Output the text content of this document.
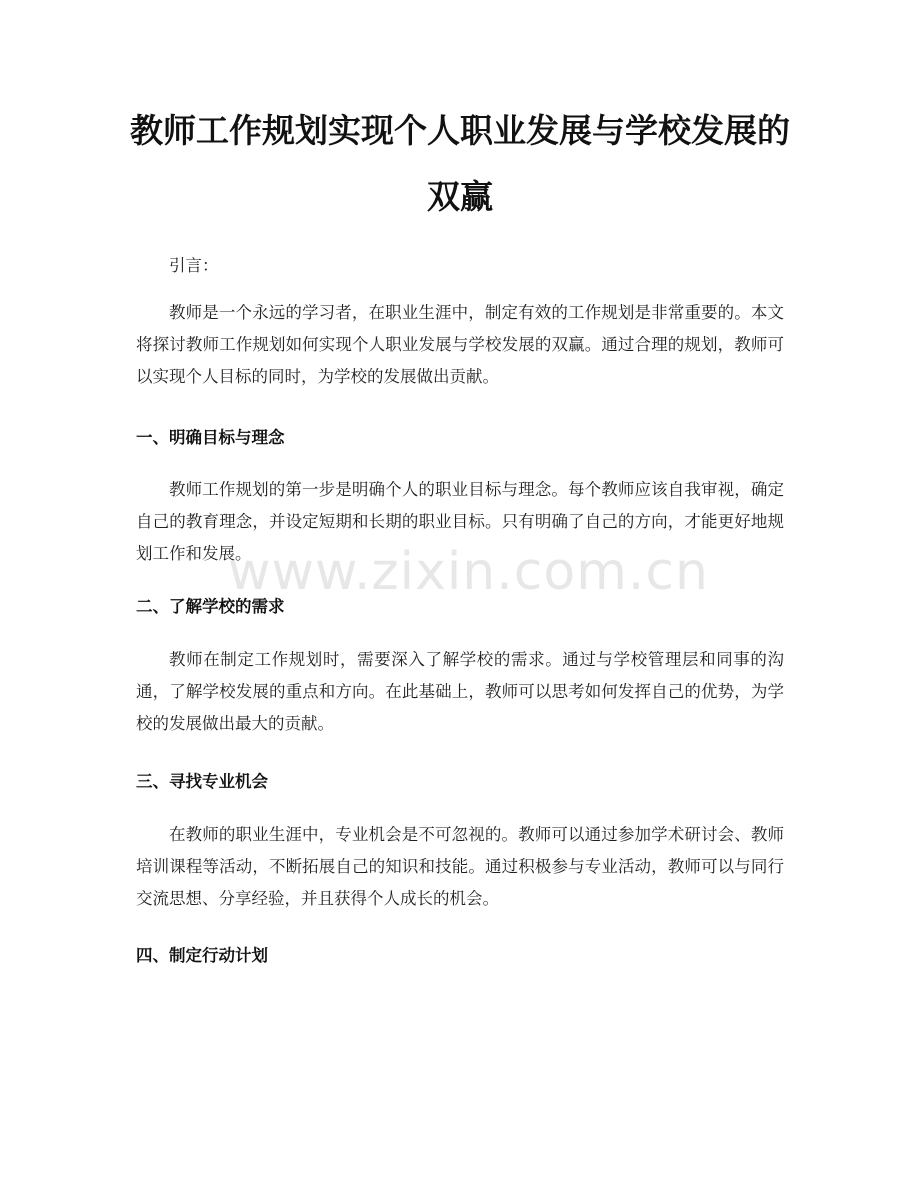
教师工作规划实现个人职业发展与学校发展的双赢

引言：

教师是一个永远的学习者，在职业生涯中，制定有效的工作规划是非常重要的。本文将探讨教师工作规划如何实现个人职业发展与学校发展的双赢。通过合理的规划，教师可以实现个人目标的同时，为学校的发展做出贡献。

一、明确目标与理念

教师工作规划的第一步是明确个人的职业目标与理念。每个教师应该自我审视，确定自己的教育理念，并设定短期和长期的职业目标。只有明确了自己的方向，才能更好地规划工作和发展。

二、了解学校的需求

教师在制定工作规划时，需要深入了解学校的需求。通过与学校管理层和同事的沟通，了解学校发展的重点和方向。在此基础上，教师可以思考如何发挥自己的优势，为学校的发展做出最大的贡献。

三、寻找专业机会

在教师的职业生涯中，专业机会是不可忽视的。教师可以通过参加学术研讨会、教师培训课程等活动，不断拓展自己的知识和技能。通过积极参与专业活动，教师可以与同行交流思想、分享经验，并且获得个人成长的机会。

四、制定行动计划
www.zixin.com.cn
